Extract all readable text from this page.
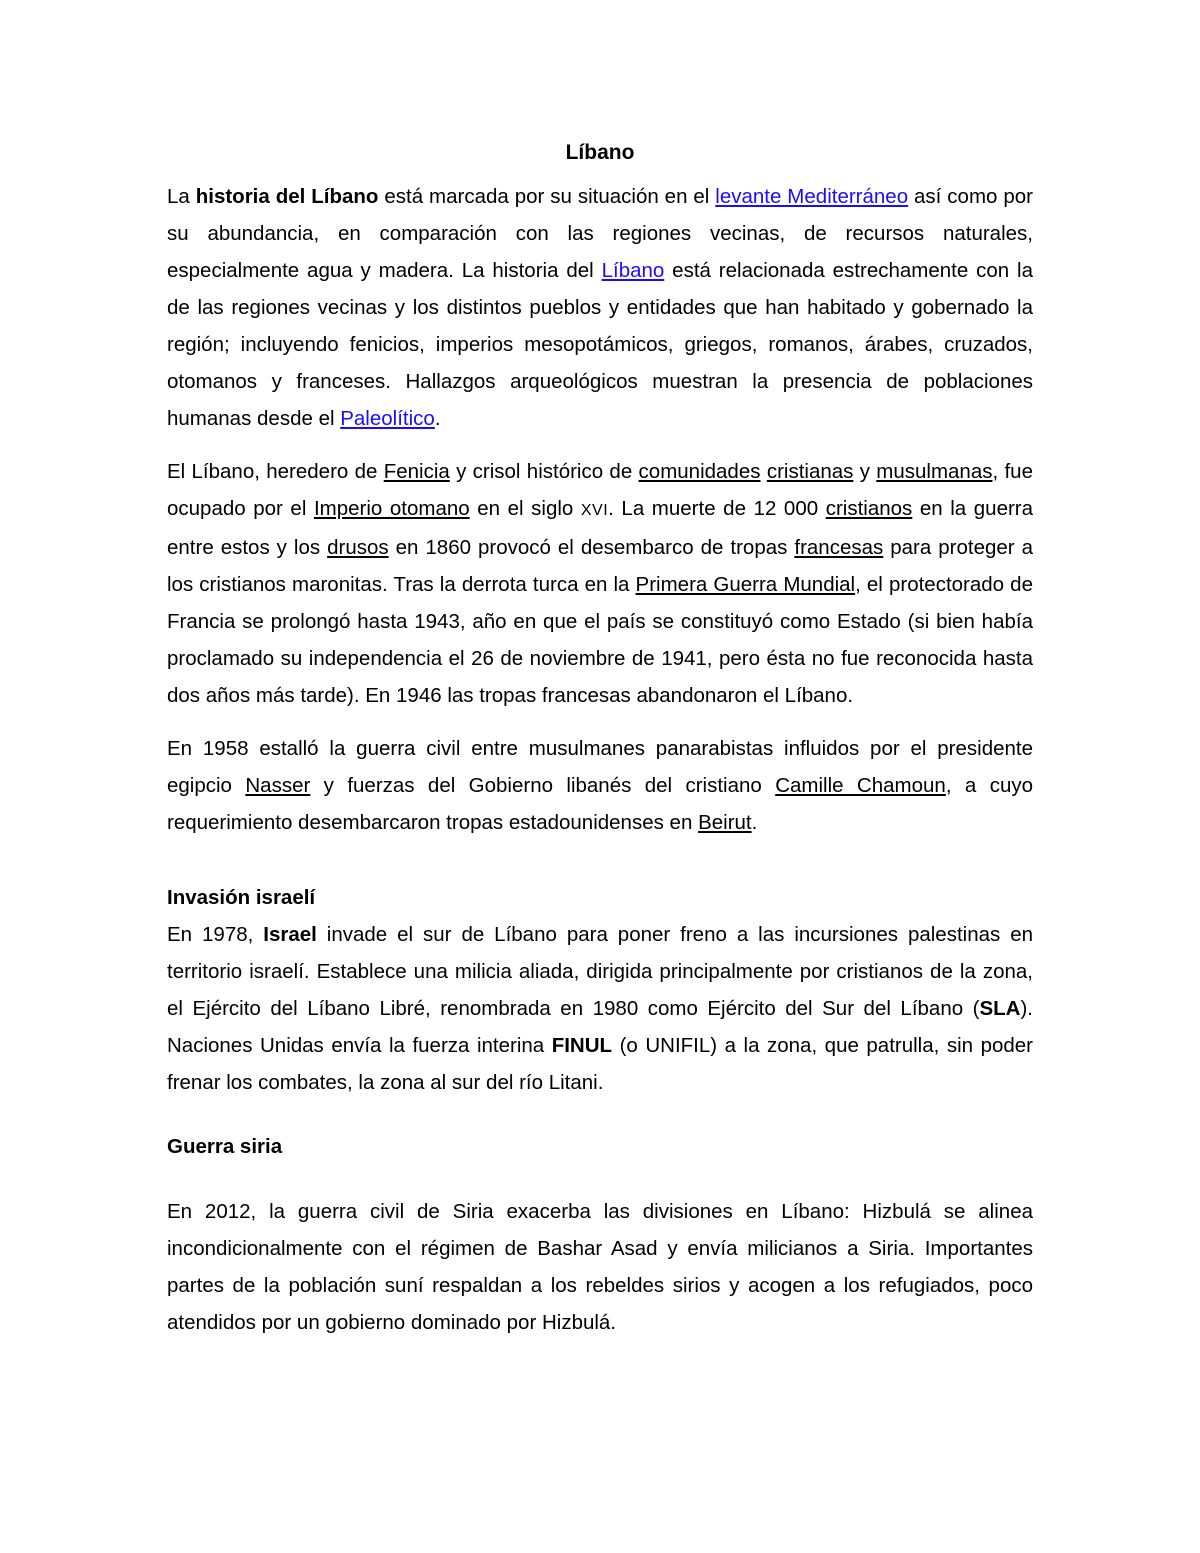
Líbano

La historia del Líbano está marcada por su situación en el levante Mediterráneo así como por su abundancia, en comparación con las regiones vecinas, de recursos naturales, especialmente agua y madera. La historia del Líbano está relacionada estrechamente con la de las regiones vecinas y los distintos pueblos y entidades que han habitado y gobernado la región; incluyendo fenicios, imperios mesopotámicos, griegos, romanos, árabes, cruzados, otomanos y franceses. Hallazgos arqueológicos muestran la presencia de poblaciones humanas desde el Paleolítico.

El Líbano, heredero de Fenicia y crisol histórico de comunidades cristianas y musulmanas, fue ocupado por el Imperio otomano en el siglo XVI. La muerte de 12 000 cristianos en la guerra entre estos y los drusos en 1860 provocó el desembarco de tropas francesas para proteger a los cristianos maronitas. Tras la derrota turca en la Primera Guerra Mundial, el protectorado de Francia se prolongó hasta 1943, año en que el país se constituyó como Estado (si bien había proclamado su independencia el 26 de noviembre de 1941, pero ésta no fue reconocida hasta dos años más tarde). En 1946 las tropas francesas abandonaron el Líbano.

En 1958 estalló la guerra civil entre musulmanes panarabistas influidos por el presidente egipcio Nasser y fuerzas del Gobierno libanés del cristiano Camille Chamoun, a cuyo requerimiento desembarcaron tropas estadounidenses en Beirut.

Invasión israelí

En 1978, Israel invade el sur de Líbano para poner freno a las incursiones palestinas en territorio israelí. Establece una milicia aliada, dirigida principalmente por cristianos de la zona, el Ejército del Líbano Libré, renombrada en 1980 como Ejército del Sur del Líbano (SLA). Naciones Unidas envía la fuerza interina FINUL (o UNIFIL) a la zona, que patrulla, sin poder frenar los combates, la zona al sur del río Litani.

Guerra siria

En 2012, la guerra civil de Siria exacerba las divisiones en Líbano: Hizbulá se alinea incondicionalmente con el régimen de Bashar Asad y envía milicianos a Siria. Importantes partes de la población suní respaldan a los rebeldes sirios y acogen a los refugiados, poco atendidos por un gobierno dominado por Hizbulá.
